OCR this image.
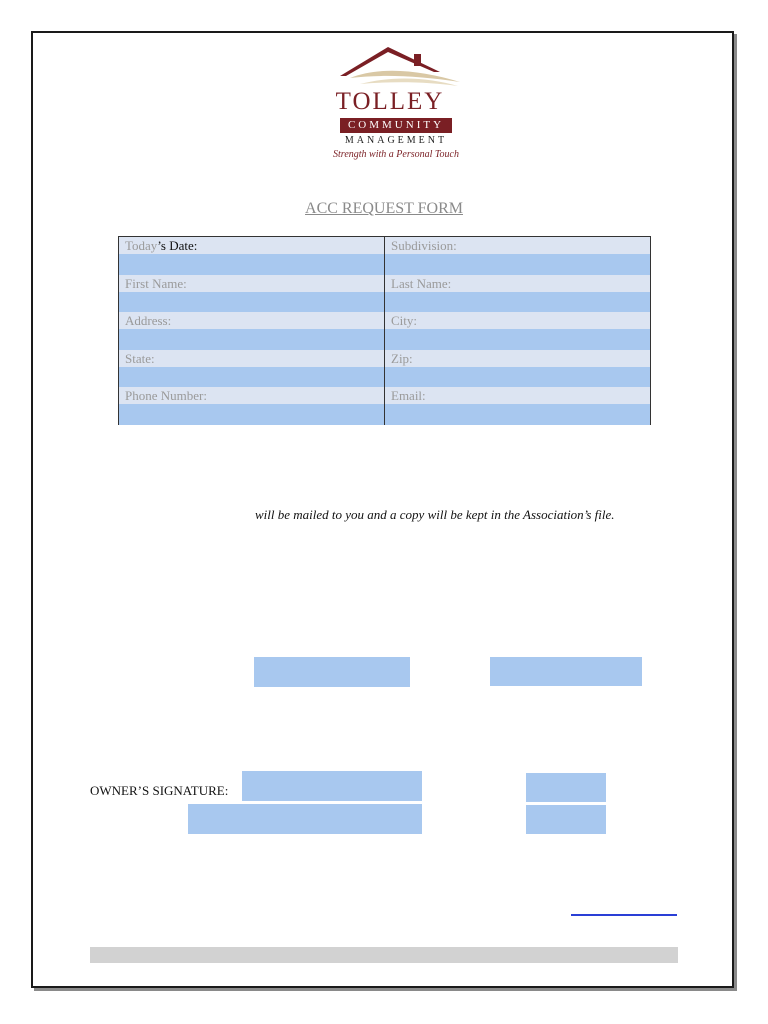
TOLLEY
COMMUNITY
MANAGEMENT
Strength with a Personal Touch
ACC REQUEST FORM
Today’s Date:
First Name:
Address:
State:
Phone Number:
Subdivision:
Last Name:
City:
Zip:
Email:
will be mailed to you and a copy will be kept in the Association’s file.
OWNER’S SIGNATURE:
